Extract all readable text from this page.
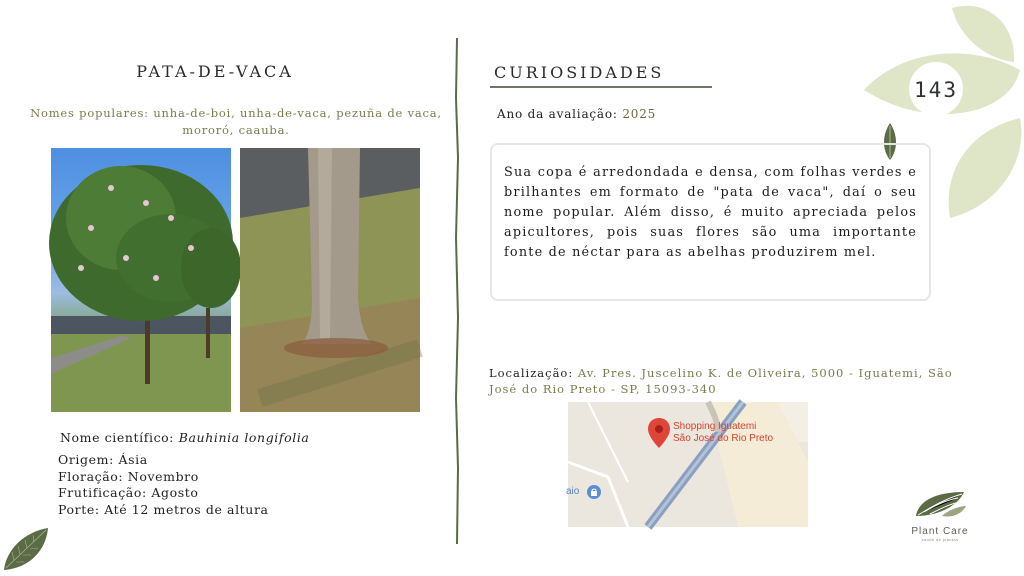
PATA-DE-VACA
Nomes populares: unha-de-boi, unha-de-vaca, pezuña de vaca, mororó, caauba.
Nome científico: Bauhinia longifolia
Origem: Ásia
Floração: Novembro
Frutificação: Agosto
Porte: Até 12 metros de altura
CURIOSIDADES
Ano da avaliação: 2025

Sua copa é arredondada e densa, com folhas verdes e brilhantes em formato de "pata de vaca", daí o seu nome popular. Além disso, é muito apreciada pelos apicultores, pois suas flores são uma importante fonte de néctar para as abelhas produzirem mel.

143
Localização: Av. Pres. Juscelino K. de Oliveira, 5000 - Iguatemi, São José do Rio Preto - SP, 15093-340
Shopping Iguatemi
São José do Rio Preto
aio
Plant Care
saúde de plantas
